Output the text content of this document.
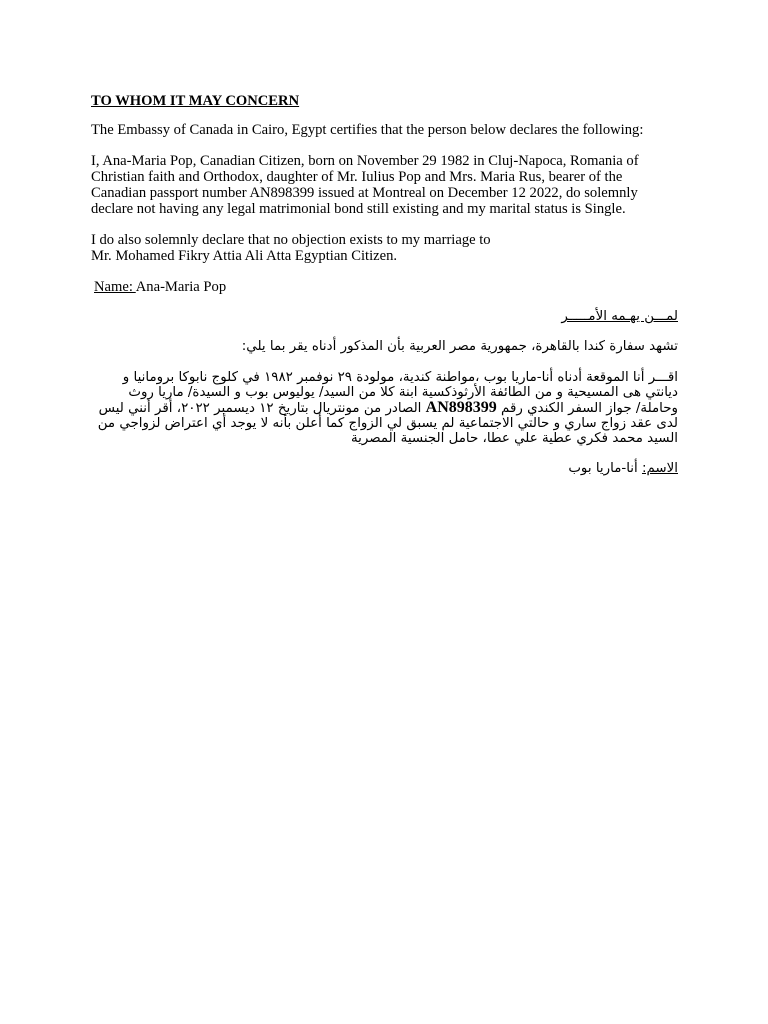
TO WHOM IT MAY CONCERN

The Embassy of Canada in Cairo, Egypt certifies that the person below declares the following:

I, Ana-Maria Pop, Canadian Citizen, born on November 29 1982 in Cluj-Napoca, Romania of Christian faith and Orthodox, daughter of Mr. Iulius Pop and Mrs. Maria Rus, bearer of the Canadian passport number AN898399 issued at Montreal on December 12 2022, do solemnly declare not having any legal matrimonial bond still existing and my marital status is Single.

I do also solemnly declare that no objection exists to my marriage to
Mr. Mohamed Fikry Attia Ali Atta Egyptian Citizen.

Name: Ana-Maria Pop

لمـــن يهـمه الأمـــــر

تشهد سفارة كندا بالقاهرة، جمهورية مصر العربية بأن المذكور أدناه يقر بما يلي:

اقـــر أنا الموقعة أدناه أنا-ماريا بوب ،مواطنة كندية، مولودة ٢٩ نوفمبر ١٩٨٢ في كلوج نابوكا برومانيا و ديانتي هى المسيحية و من الطائفة الأرثوذكسية ابنة كلا من السيد/ يوليوس بوب و السيدة/ ماريا روث وحاملة/ جواز السفر الكندي رقم AN898399 الصادر من مونتريال بتاريخ ١٢ ديسمبر ٢٠٢٢، أقر أنني ليس لدى عقد زواج ساري و حالتي الاجتماعية لم يسبق لي الزواج كما أعلن بأنه لا يوجد أي اعتراض لزواجي من السيد محمد فكري عطية علي عطا، حامل الجنسية المصرية

الاسم: أنا-ماريا بوب
